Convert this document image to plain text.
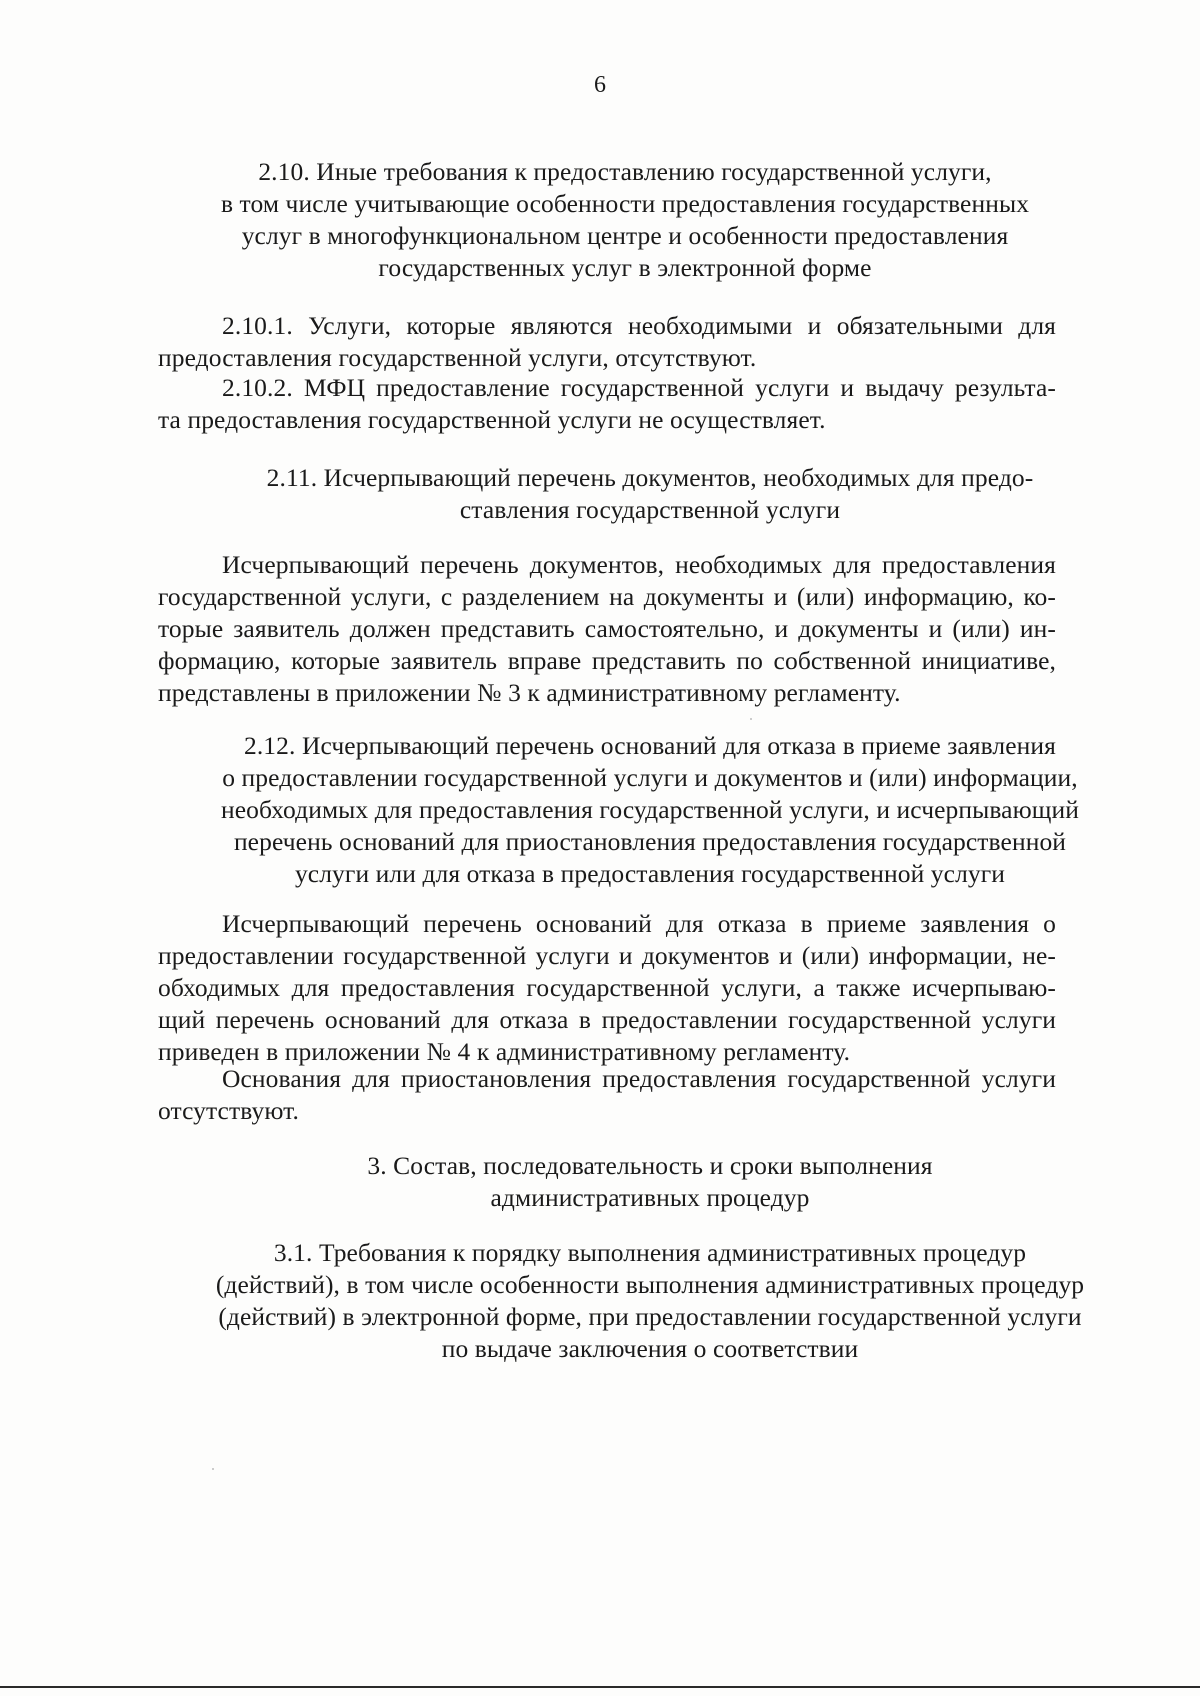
6
2.10. Иные требования к предоставлению государственной услуги,
в том числе учитывающие особенности предоставления государственных
услуг в многофункциональном центре и особенности предоставления
государственных услуг в электронной форме
2.10.1. Услуги, которые являются необходимыми и обязательными для
предоставления государственной услуги, отсутствуют.
2.10.2. МФЦ предоставление государственной услуги и выдачу результа-
та предоставления государственной услуги не осуществляет.
2.11. Исчерпывающий перечень документов, необходимых для предо-
ставления государственной услуги
Исчерпывающий перечень документов, необходимых для предоставления
государственной услуги, с разделением на документы и (или) информацию, ко-
торые заявитель должен представить самостоятельно, и документы и (или) ин-
формацию, которые заявитель вправе представить по собственной инициативе,
представлены в приложении № 3 к административному регламенту.
2.12. Исчерпывающий перечень оснований для отказа в приеме заявления
о предоставлении государственной услуги и документов и (или) информации,
необходимых для предоставления государственной услуги, и исчерпывающий
перечень оснований для приостановления предоставления государственной
услуги или для отказа в предоставления государственной услуги
Исчерпывающий перечень оснований для отказа в приеме заявления о
предоставлении государственной услуги и документов и (или) информации, не-
обходимых для предоставления государственной услуги, а также исчерпываю-
щий перечень оснований для отказа в предоставлении государственной услуги
приведен в приложении № 4 к административному регламенту.
Основания для приостановления предоставления государственной услуги
отсутствуют.
3. Состав, последовательность и сроки выполнения
административных процедур
3.1. Требования к порядку выполнения административных процедур
(действий), в том числе особенности выполнения административных процедур
(действий) в электронной форме, при предоставлении государственной услуги
по выдаче заключения о соответствии
